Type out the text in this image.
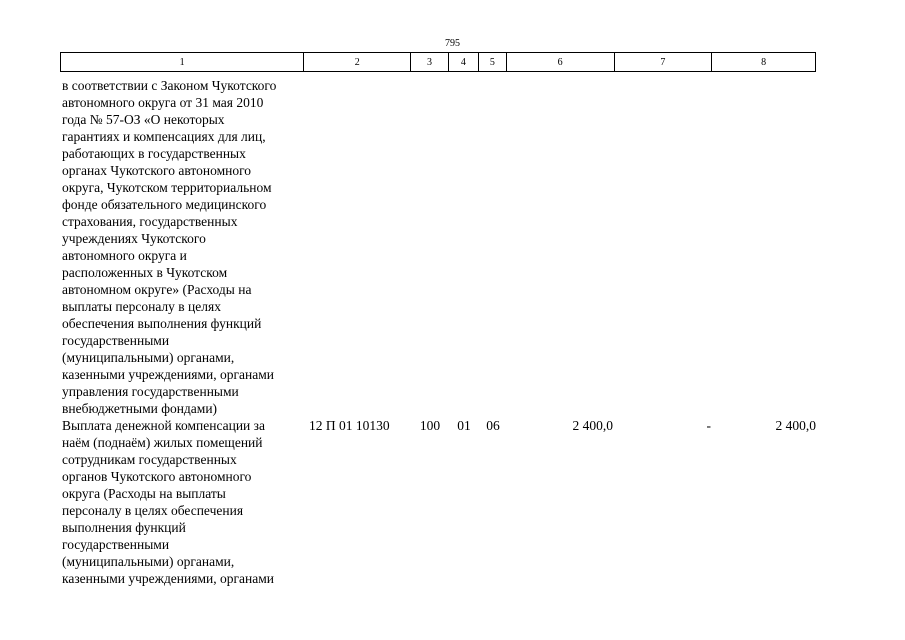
795
1	2	3	4	5	6	7	8
в соответствии с Законом Чукотского
автономного округа от 31 мая 2010
года № 57-ОЗ «О некоторых
гарантиях и компенсациях для лиц,
работающих в государственных
органах Чукотского автономного
округа, Чукотском территориальном
фонде обязательного медицинского
страхования, государственных
учреждениях Чукотского
автономного округа и
расположенных в Чукотском
автономном округе» (Расходы на
выплаты персоналу в целях
обеспечения выполнения функций
государственными
(муниципальными) органами,
казенными учреждениями, органами
управления государственными
внебюджетными фондами)
Выплата денежной компенсации за
наём (поднаём) жилых помещений
сотрудникам государственных
органов Чукотского автономного
округа (Расходы на выплаты
персоналу в целях обеспечения
выполнения функций
государственными
(муниципальными) органами,
казенными учреждениями, органами
12 П 01 10130	100	01	06	2 400,0	-	2 400,0
